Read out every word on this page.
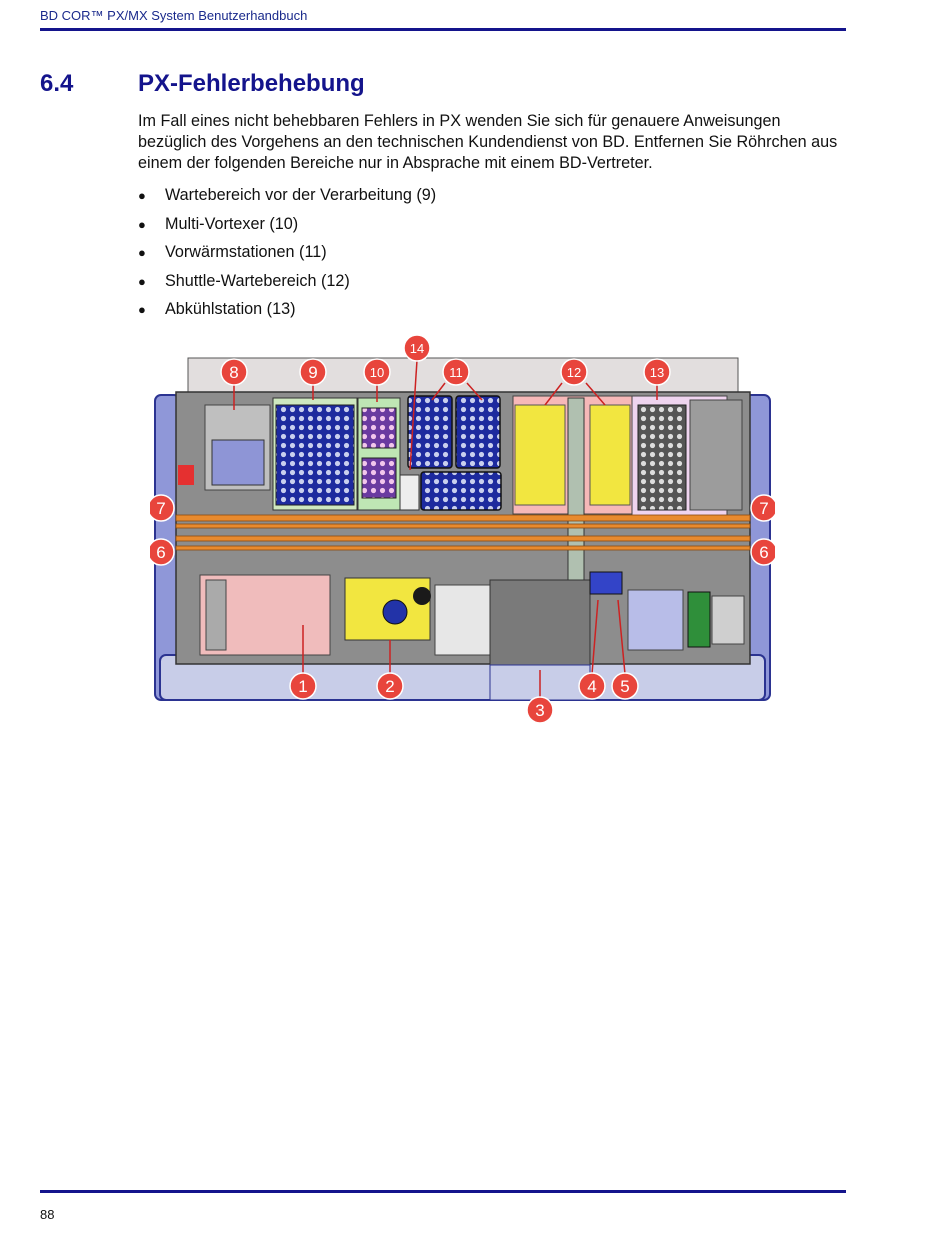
BD COR™ PX/MX System Benutzerhandbuch
6.4	PX-Fehlerbehebung
Im Fall eines nicht behebbaren Fehlers in PX wenden Sie sich für genauere Anweisungen bezüglich des Vorgehens an den technischen Kundendienst von BD. Entfernen Sie Röhrchen aus einem der folgenden Bereiche nur in Absprache mit einem BD-Vertreter.
● Wartebereich vor der Verarbeitung (9)
● Multi-Vortexer (10)
● Vorwärmstationen (11)
● Shuttle-Wartebereich (12)
● Abkühlstation (13)
1	2
3
4 5
6	6
7	7
8	9	10	11	12	13
14
88
